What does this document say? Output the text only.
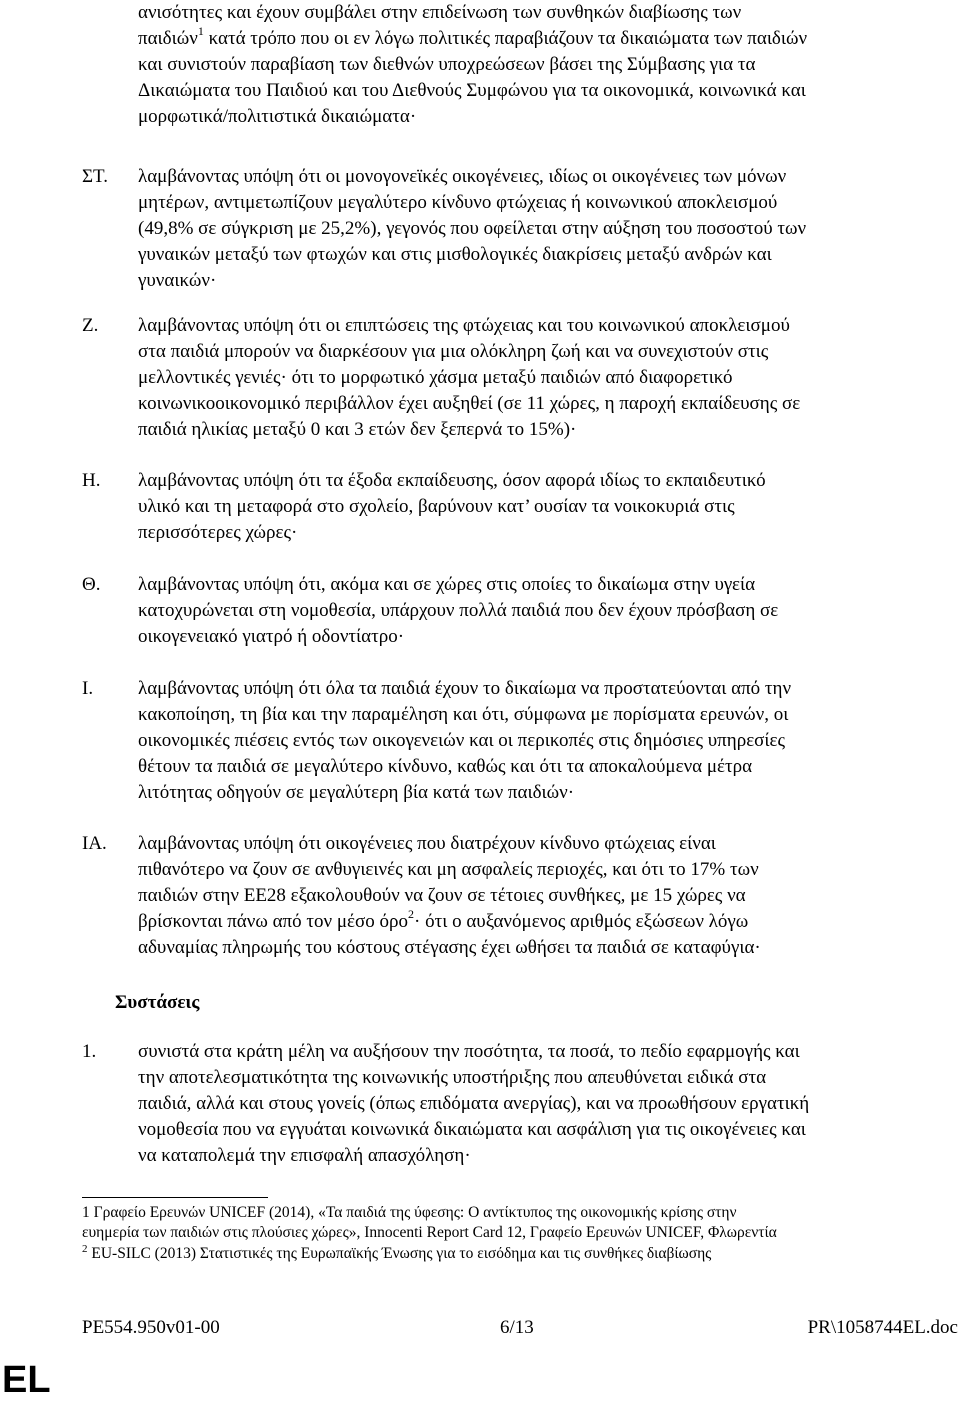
ανισότητες και έχουν συμβάλει στην επιδείνωση των συνθηκών διαβίωσης των
παιδιών$^1$ κατά τρόπο που οι εν λόγω πολιτικές παραβιάζουν τα δικαιώματα των παιδιών
και συνιστούν παραβίαση των διεθνών υποχρεώσεων βάσει της Σύμβασης για τα
Δικαιώματα του Παιδιού και του Διεθνούς Συμφώνου για τα οικονομικά, κοινωνικά και
μορφωτικά/πολιτιστικά δικαιώματα·
ΣΤ. λαμβάνοντας υπόψη ότι οι μονογονεϊκές οικογένειες, ιδίως οι οικογένειες των μόνων
μητέρων, αντιμετωπίζουν μεγαλύτερο κίνδυνο φτώχειας ή κοινωνικού αποκλεισμού
(49,8% σε σύγκριση με 25,2%), γεγονός που οφείλεται στην αύξηση του ποσοστού των
γυναικών μεταξύ των φτωχών και στις μισθολογικές διακρίσεις μεταξύ ανδρών και
γυναικών·
Ζ. λαμβάνοντας υπόψη ότι οι επιπτώσεις της φτώχειας και του κοινωνικού αποκλεισμού
στα παιδιά μπορούν να διαρκέσουν για μια ολόκληρη ζωή και να συνεχιστούν στις
μελλοντικές γενιές· ότι το μορφωτικό χάσμα μεταξύ παιδιών από διαφορετικό
κοινωνικοοικονομικό περιβάλλον έχει αυξηθεί (σε 11 χώρες, η παροχή εκπαίδευσης σε
παιδιά ηλικίας μεταξύ 0 και 3 ετών δεν ξεπερνά το 15%)·
Η. λαμβάνοντας υπόψη ότι τα έξοδα εκπαίδευσης, όσον αφορά ιδίως το εκπαιδευτικό
υλικό και τη μεταφορά στο σχολείο, βαρύνουν κατ’ ουσίαν τα νοικοκυριά στις
περισσότερες χώρες·
Θ. λαμβάνοντας υπόψη ότι, ακόμα και σε χώρες στις οποίες το δικαίωμα στην υγεία
κατοχυρώνεται στη νομοθεσία, υπάρχουν πολλά παιδιά που δεν έχουν πρόσβαση σε
οικογενειακό γιατρό ή οδοντίατρο·
Ι. λαμβάνοντας υπόψη ότι όλα τα παιδιά έχουν το δικαίωμα να προστατεύονται από την
κακοποίηση, τη βία και την παραμέληση και ότι, σύμφωνα με πορίσματα ερευνών, οι
οικονομικές πιέσεις εντός των οικογενειών και οι περικοπές στις δημόσιες υπηρεσίες
θέτουν τα παιδιά σε μεγαλύτερο κίνδυνο, καθώς και ότι τα αποκαλούμενα μέτρα
λιτότητας οδηγούν σε μεγαλύτερη βία κατά των παιδιών·
ΙΑ. λαμβάνοντας υπόψη ότι οικογένειες που διατρέχουν κίνδυνο φτώχειας είναι
πιθανότερο να ζουν σε ανθυγιεινές και μη ασφαλείς περιοχές, και ότι το 17% των
παιδιών στην ΕΕ28 εξακολουθούν να ζουν σε τέτοιες συνθήκες, με 15 χώρες να
βρίσκονται πάνω από τον μέσο όρο$^2$· ότι ο αυξανόμενος αριθμός εξώσεων λόγω
αδυναμίας πληρωμής του κόστους στέγασης έχει ωθήσει τα παιδιά σε καταφύγια·
Συστάσεις
1. συνιστά στα κράτη μέλη να αυξήσουν την ποσότητα, τα ποσά, το πεδίο εφαρμογής και
την αποτελεσματικότητα της κοινωνικής υποστήριξης που απευθύνεται ειδικά στα
παιδιά, αλλά και στους γονείς (όπως επιδόματα ανεργίας), και να προωθήσουν εργατική
νομοθεσία που να εγγυάται κοινωνικά δικαιώματα και ασφάλιση για τις οικογένειες και
να καταπολεμά την επισφαλή απασχόληση·
1 Γραφείο Ερευνών UNICEF (2014), «Τα παιδιά της ύφεσης: Ο αντίκτυπος της οικονομικής κρίσης στην
ευημερία των παιδιών στις πλούσιες χώρες», Innocenti Report Card 12, Γραφείο Ερευνών UNICEF, Φλωρεντία
$^2$ EU-SILC (2013) Στατιστικές της Ευρωπαϊκής Ένωσης για το εισόδημα και τις συνθήκες διαβίωσης
PE554.950v01-00	6/13	PR\1058744EL.doc
EL
